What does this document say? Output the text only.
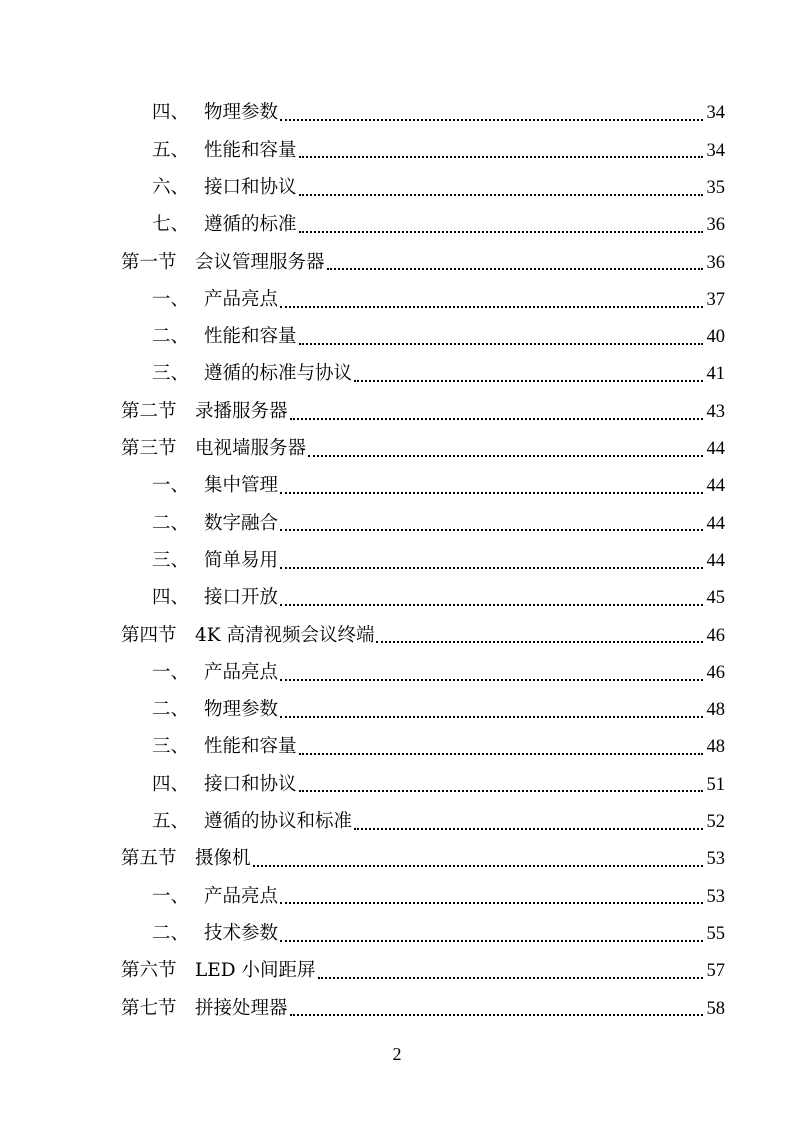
四、 物理参数	34
五、 性能和容量	34
六、 接口和协议	35
七、 遵循的标准	36
第一节 会议管理服务器	36
一、 产品亮点	37
二、 性能和容量	40
三、 遵循的标准与协议	41
第二节 录播服务器	43
第三节 电视墙服务器	44
一、 集中管理	44
二、 数字融合	44
三、 简单易用	44
四、 接口开放	45
第四节 4K 高清视频会议终端	46
一、 产品亮点	46
二、 物理参数	48
三、 性能和容量	48
四、 接口和协议	51
五、 遵循的协议和标准	52
第五节 摄像机	53
一、 产品亮点	53
二、 技术参数	55
第六节 LED 小间距屏	57
第七节 拼接处理器	58
2
